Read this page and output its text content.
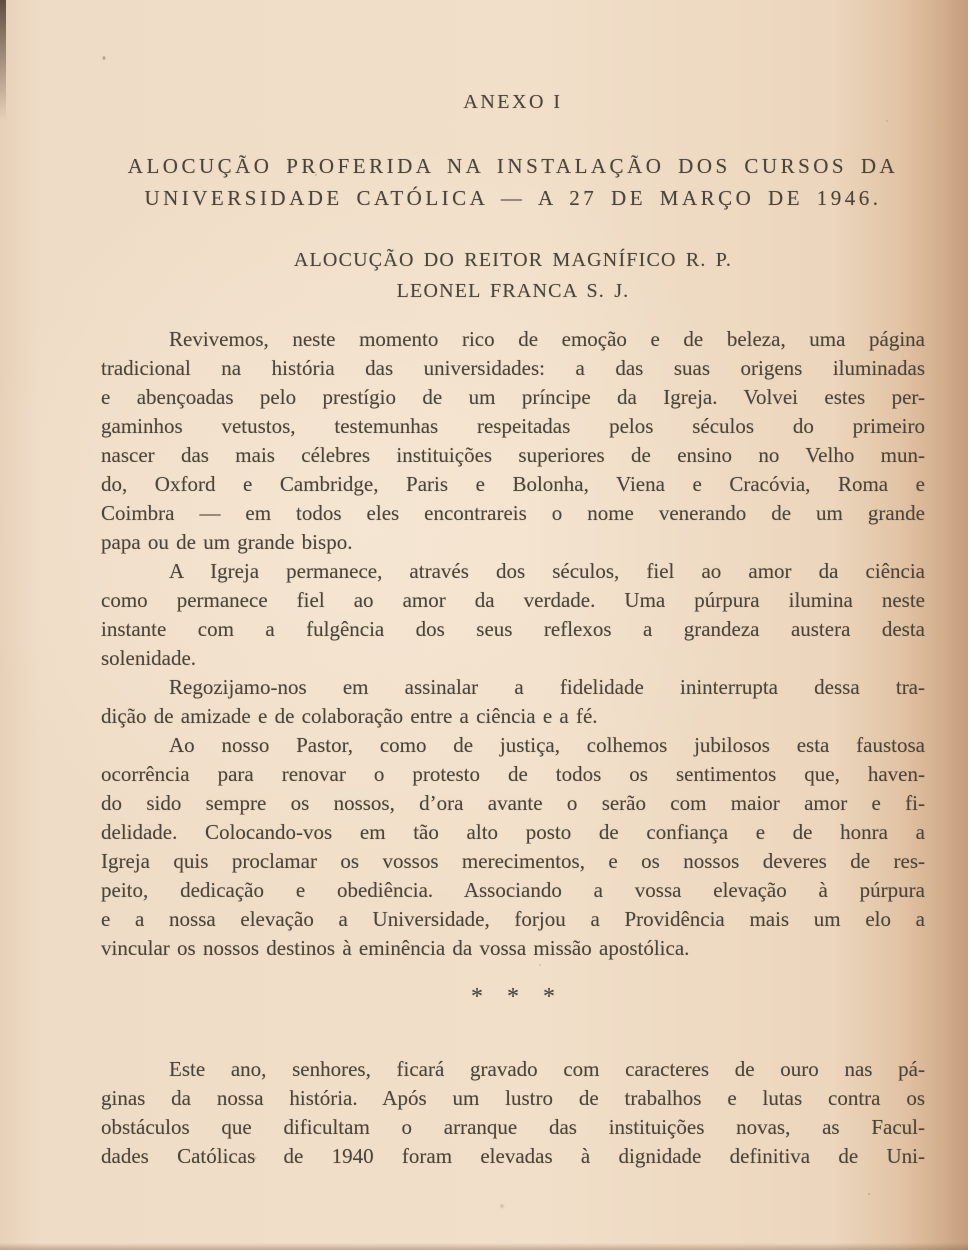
ANEXO I
ALOCUÇÃO PROFERIDA NA INSTALAÇÃO DOS CURSOS DA
UNIVERSIDADE CATÓLICA — A 27 DE MARÇO DE 1946.
ALOCUÇÃO DO REITOR MAGNÍFICO R. P.
LEONEL FRANCA S. J.
Revivemos, neste momento rico de emoção e de beleza, uma página
tradicional na história das universidades: a das suas origens iluminadas
e abençoadas pelo prestígio de um príncipe da Igreja. Volvei estes per-
gaminhos vetustos, testemunhas respeitadas pelos séculos do primeiro
nascer das mais célebres instituições superiores de ensino no Velho mun-
do, Oxford e Cambridge, Paris e Bolonha, Viena e Cracóvia, Roma e
Coimbra — em todos eles encontrareis o nome venerando de um grande
papa ou de um grande bispo.
A Igreja permanece, através dos séculos, fiel ao amor da ciência
como permanece fiel ao amor da verdade. Uma púrpura ilumina neste
instante com a fulgência dos seus reflexos a grandeza austera desta
solenidade.
Regozijamo-nos em assinalar a fidelidade ininterrupta dessa tra-
dição de amizade e de colaboração entre a ciência e a fé.
Ao nosso Pastor, como de justiça, colhemos jubilosos esta faustosa
ocorrência para renovar o protesto de todos os sentimentos que, haven-
do sido sempre os nossos, d’ora avante o serão com maior amor e fi-
delidade. Colocando-vos em tão alto posto de confiança e de honra a
Igreja quis proclamar os vossos merecimentos, e os nossos deveres de res-
peito, dedicação e obediência. Associando a vossa elevação à púrpura
e a nossa elevação a Universidade, forjou a Providência mais um elo a
vincular os nossos destinos à eminência da vossa missão apostólica.
***
Este ano, senhores, ficará gravado com caracteres de ouro nas pá-
ginas da nossa história. Após um lustro de trabalhos e lutas contra os
obstáculos que dificultam o arranque das instituições novas, as Facul-
dades Católicas de 1940 foram elevadas à dignidade definitiva de Uni-
